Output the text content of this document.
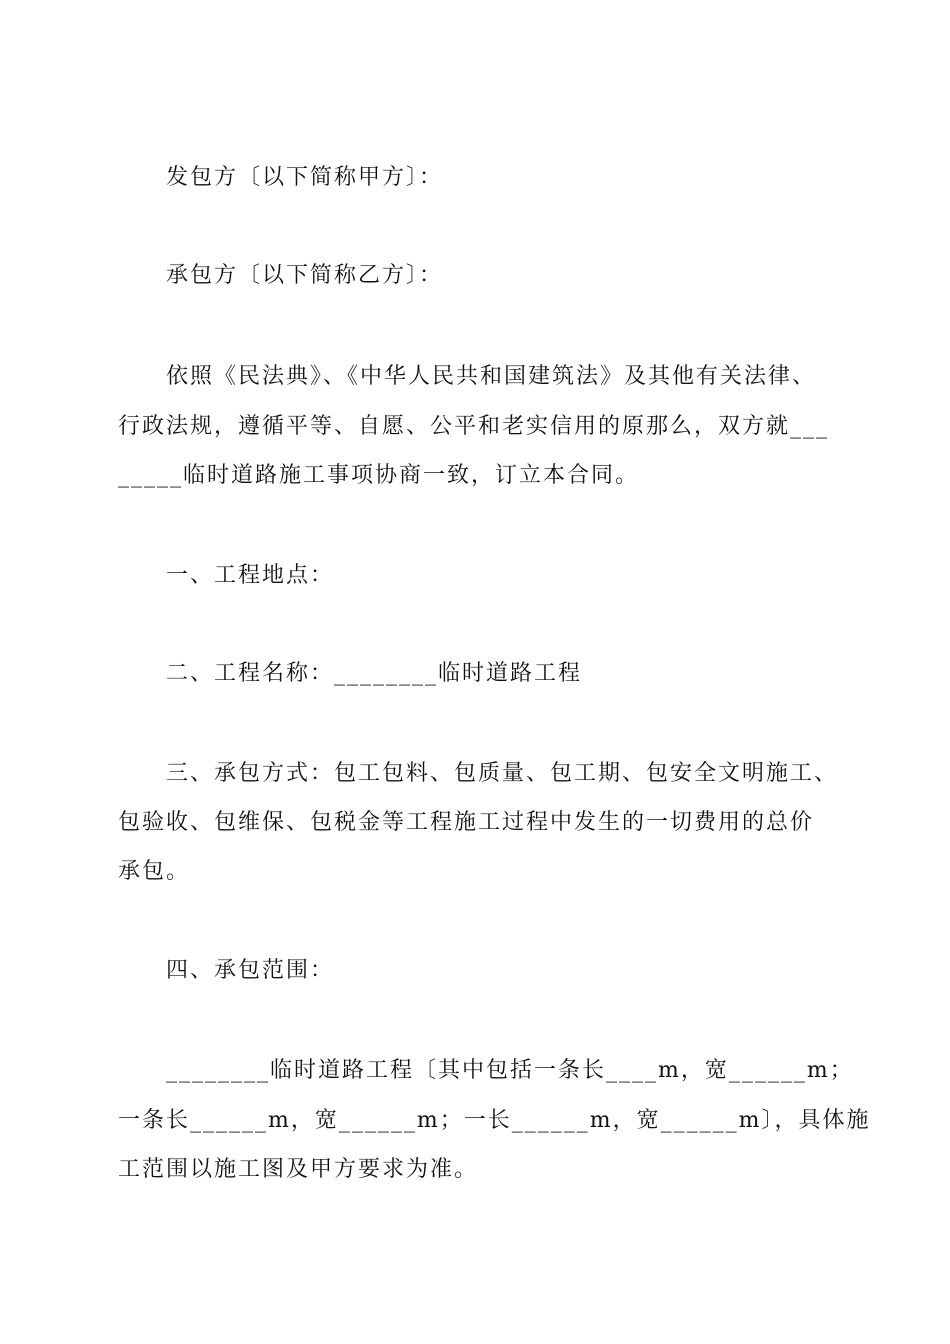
发包方〔以下简称甲方〕：
承包方〔以下简称乙方〕：
依照《民法典》、《中华人民共和国建筑法》及其他有关法律、
行政法规，遵循平等、自愿、公平和老实信用的原那么，双方就___
_____临时道路施工事项协商一致，订立本合同。
一、工程地点：
二、工程名称：________临时道路工程
三、承包方式：包工包料、包质量、包工期、包安全文明施工、
包验收、包维保、包税金等工程施工过程中发生的一切费用的总价
承包。
四、承包范围：
________临时道路工程〔其中包括一条长____m，宽______m；
一条长______m，宽______m；一长______m，宽______m〕，具体施
工范围以施工图及甲方要求为准。
